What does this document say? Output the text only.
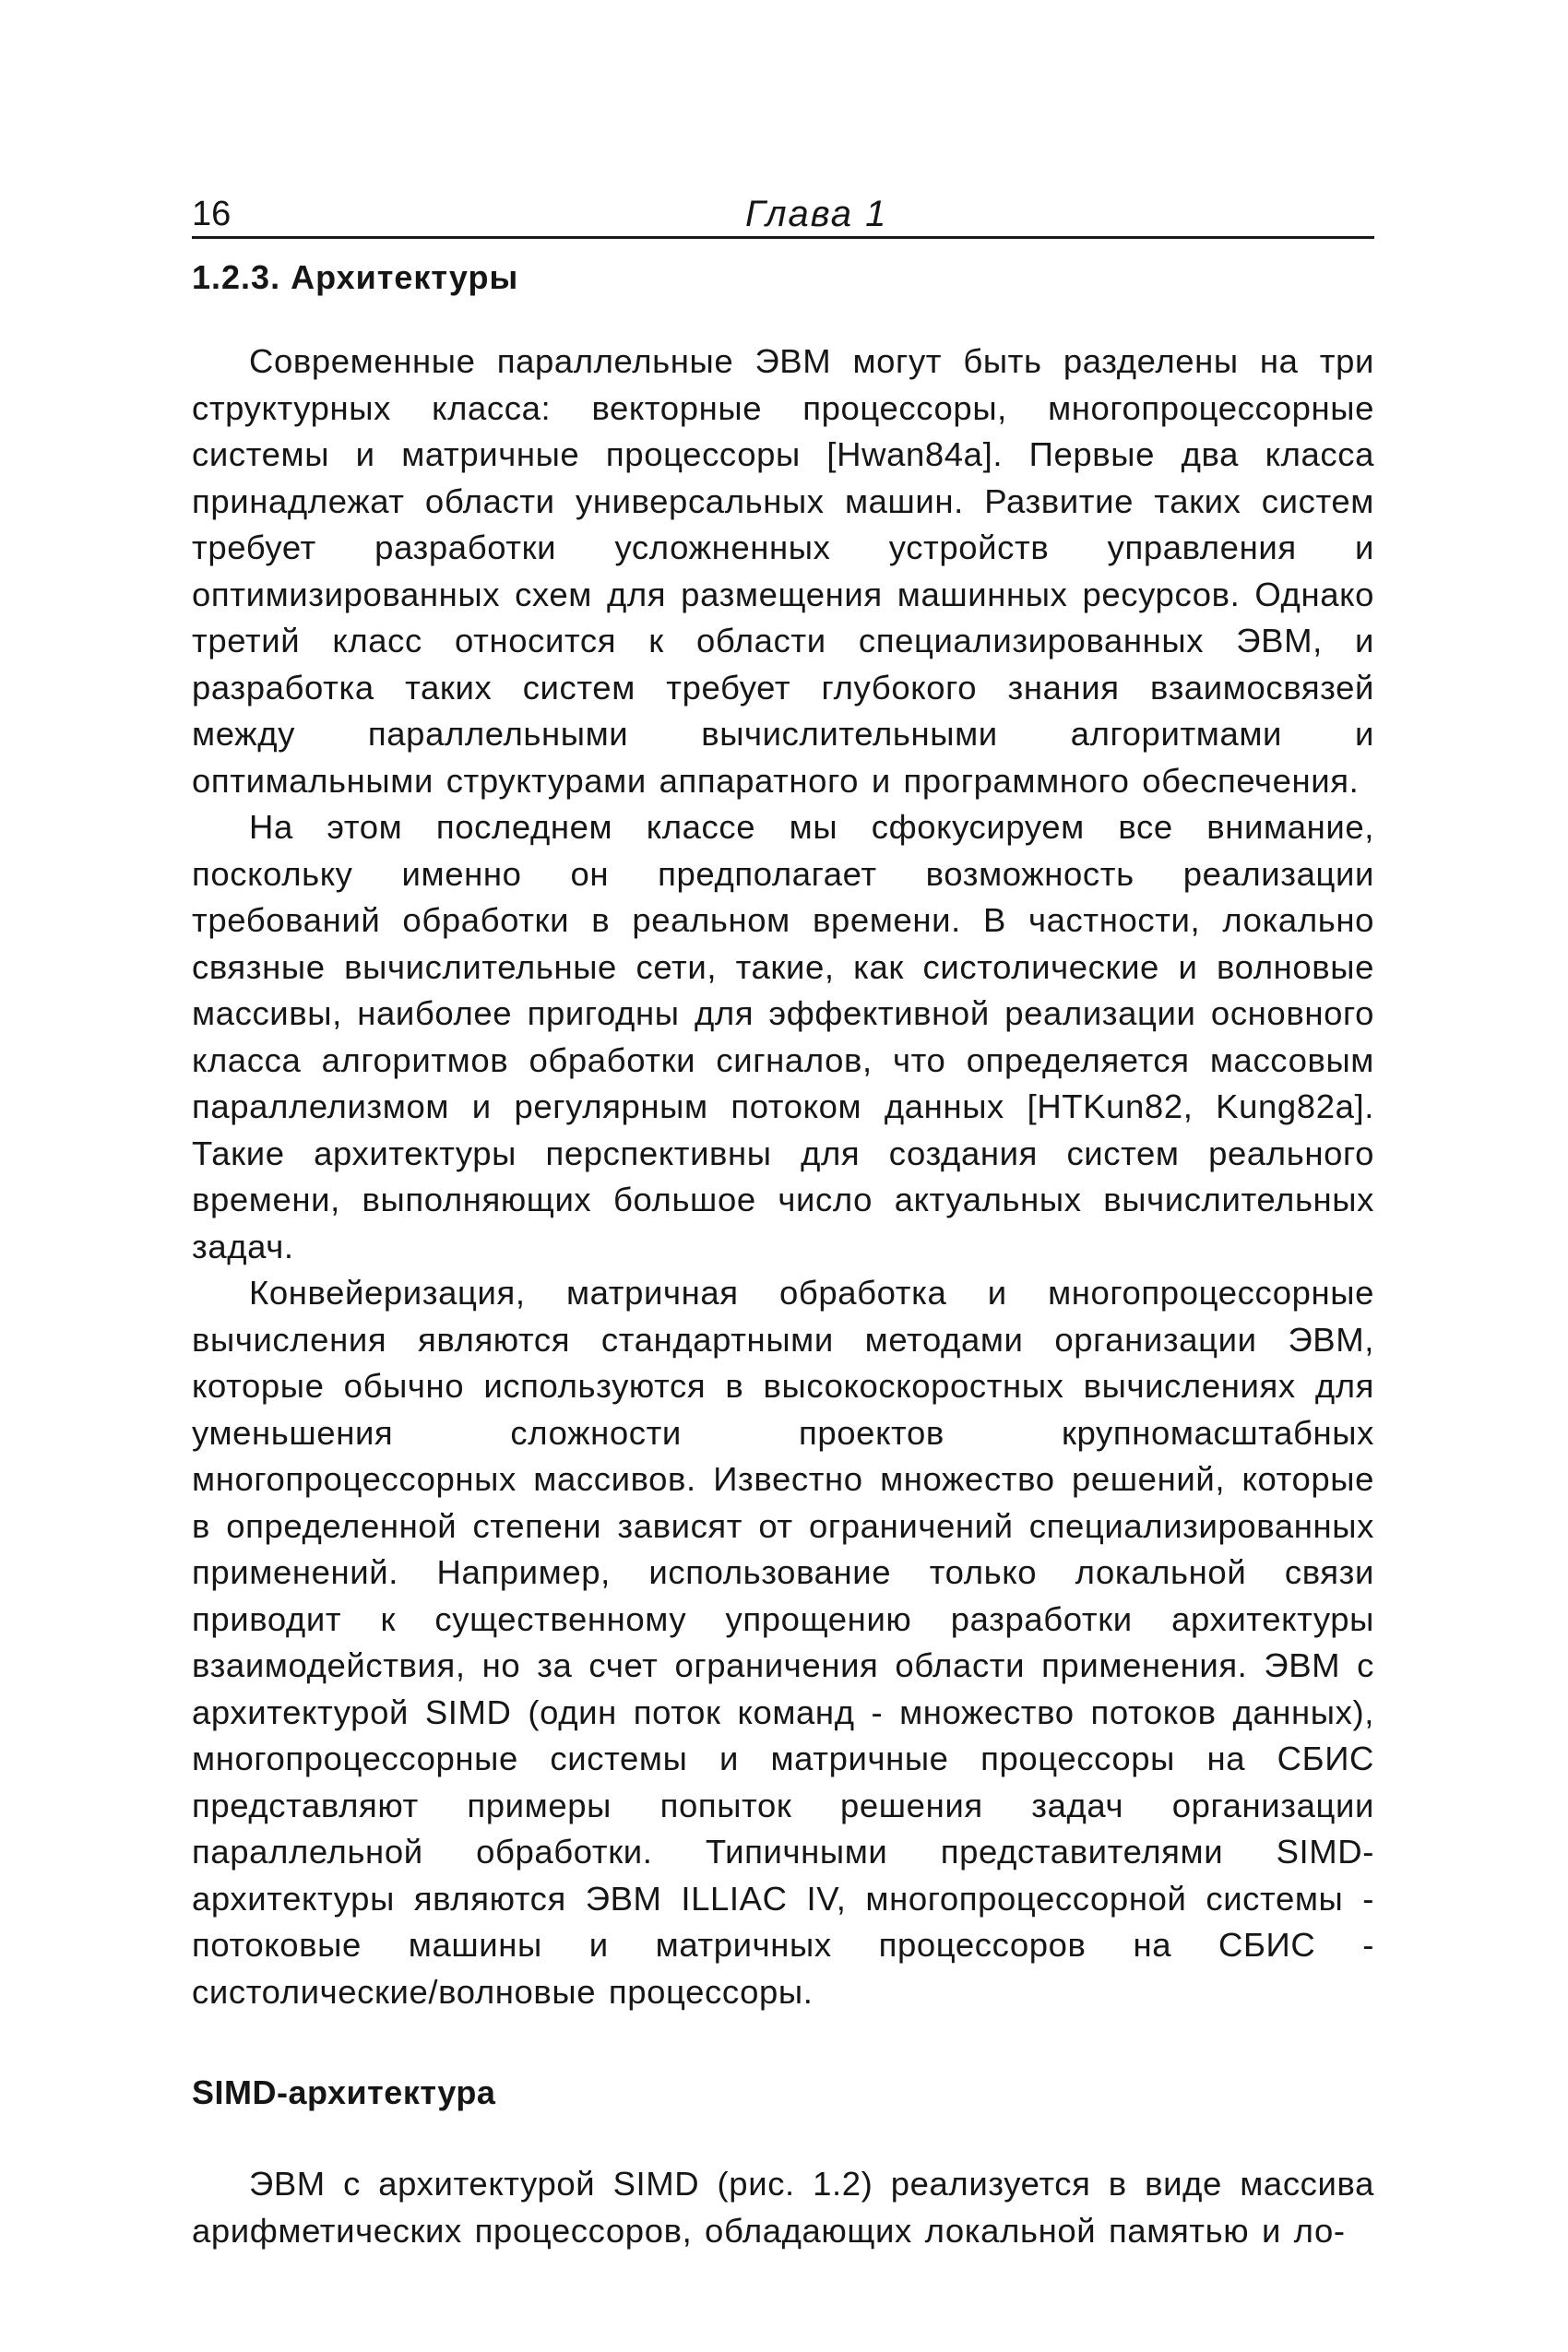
16	Глава 1
1.2.3. Архитектуры

Современные параллельные ЭВМ могут быть разделены на три структурных класса: векторные процессоры, многопроцессорные системы и матричные процессоры [Hwan84a]. Первые два класса принадлежат области универсальных машин. Развитие таких систем требует разработки усложненных устройств управления и оптимизированных схем для размещения машинных ресурсов. Однако третий класс относится к области специализированных ЭВМ, и разработка таких систем требует глубокого знания взаимосвязей между параллельными вычислительными алгоритмами и оптимальными структурами аппаратного и программного обеспечения.

На этом последнем классе мы сфокусируем все внимание, поскольку именно он предполагает возможность реализации требований обработки в реальном времени. В частности, локально связные вычислительные сети, такие, как систолические и волновые массивы, наиболее пригодны для эффективной реализации основного класса алгоритмов обработки сигналов, что определяется массовым параллелизмом и регулярным потоком данных [HTKun82, Kung82a]. Такие архитектуры перспективны для создания систем реального времени, выполняющих большое число актуальных вычислительных задач.

Конвейеризация, матричная обработка и многопроцессорные вычисления являются стандартными методами организации ЭВМ, которые обычно используются в высокоскоростных вычислениях для уменьшения сложности проектов крупномасштабных многопроцессорных массивов. Известно множество решений, которые в определенной степени зависят от ограничений специализированных применений. Например, использование только локальной связи приводит к существенному упрощению разработки архитектуры взаимодействия, но за счет ограничения области применения. ЭВМ с архитектурой SIMD (один поток команд - множество потоков данных), многопроцессорные системы и матричные процессоры на СБИС представляют примеры попыток решения задач организации параллельной обработки. Типичными представителями SIMD-архитектуры являются ЭВМ ILLIAC IV, многопроцессорной системы - потоковые машины и матричных процессоров на СБИС - систолические/волновые процессоры.

SIMD-архитектура

ЭВМ с архитектурой SIMD (рис. 1.2) реализуется в виде массива арифметических процессоров, обладающих локальной памятью и ло-
